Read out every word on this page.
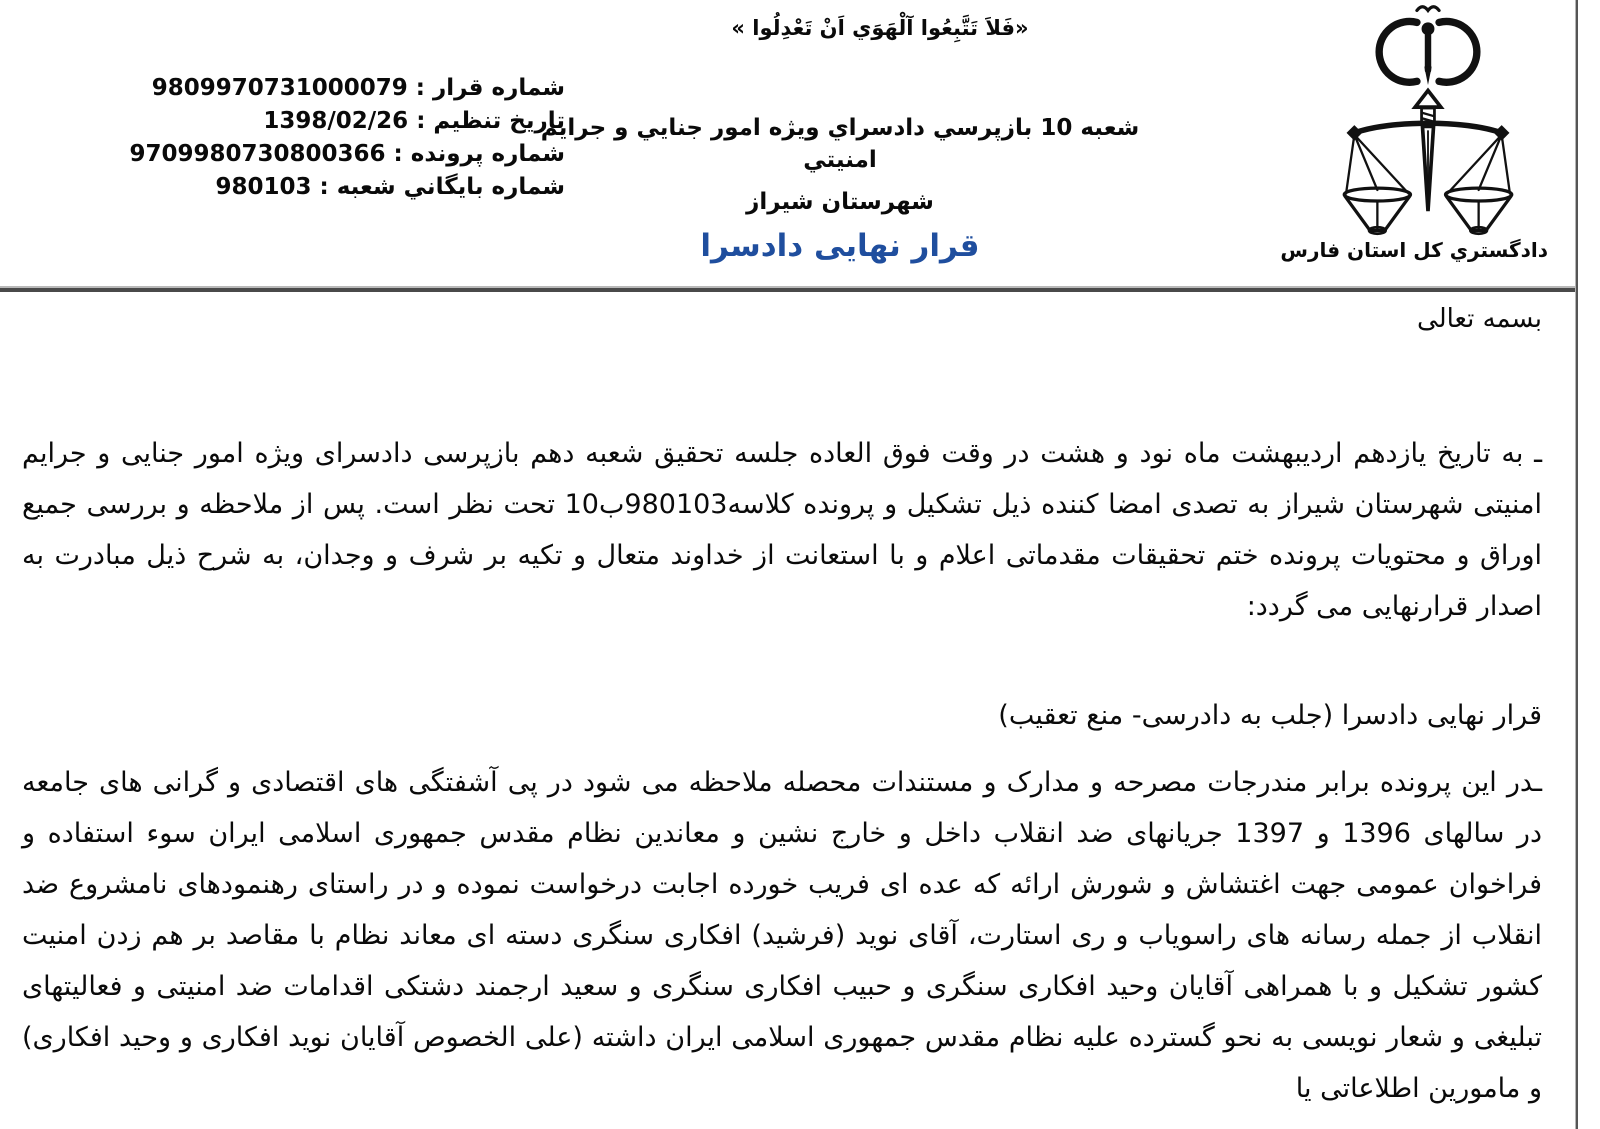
«فَلاَ تَتَّبِعُوا آلْهَوَي اَنْ تَعْدِلُوا »
شماره قرار : 9809970731000079
تاريخ تنظيم : 1398/02/26
شماره پرونده : 9709980730800366
شماره بايگاني شعبه : 980103
شعبه 10 بازپرسي دادسراي ويژه امور جنايي و جرايم امنيتي
شهرستان شيراز
قرار نهایی دادسرا	دادگستري کل استان فارس
بسمه تعالی

ـ به تاریخ یازدهم اردیبهشت ماه نود و هشت در وقت فوق العاده جلسه تحقیق شعبه دهم بازپرسی دادسرای ویژه امور جنایی و جرایم امنیتی شهرستان شیراز به تصدی امضا کننده ذیل تشکیل و پرونده کلاسه980103ب10 تحت نظر است. پس از ملاحظه و بررسی جمیع اوراق و محتویات پرونده ختم تحقیقات مقدماتی اعلام و با استعانت از خداوند متعال و تکیه بر شرف و وجدان، به شرح ذیل مبادرت به اصدار قرارنهایی می گردد:

قرار نهایی دادسرا (جلب به دادرسی- منع تعقیب)

ـدر این پرونده برابر مندرجات مصرحه و مدارک و مستندات محصله ملاحظه می شود در پی آشفتگی های اقتصادی و گرانی های جامعه در سالهای 1396 و 1397 جریانهای ضد انقلاب داخل و خارج نشین و معاندین نظام مقدس جمهوری اسلامی ایران سوء استفاده و فراخوان عمومی جهت اغتشاش و شورش ارائه که عده ای فریب خورده اجابت درخواست نموده و در راستای رهنمودهای نامشروع ضد انقلاب از جمله رسانه های راسویاب و ری استارت، آقای نوید (فرشید) افکاری سنگری دسته ای معاند نظام با مقاصد بر هم زدن امنیت کشور تشکیل و با همراهی آقایان وحید افکاری سنگری و حبیب افکاری سنگری و سعید ارجمند دشتکی اقدامات ضد امنیتی و فعالیتهای تبلیغی و شعار نویسی به نحو گسترده علیه نظام مقدس جمهوری اسلامی ایران داشته (علی الخصوص آقایان نوید افکاری و وحید افکاری) و مامورین اطلاعاتی یا
